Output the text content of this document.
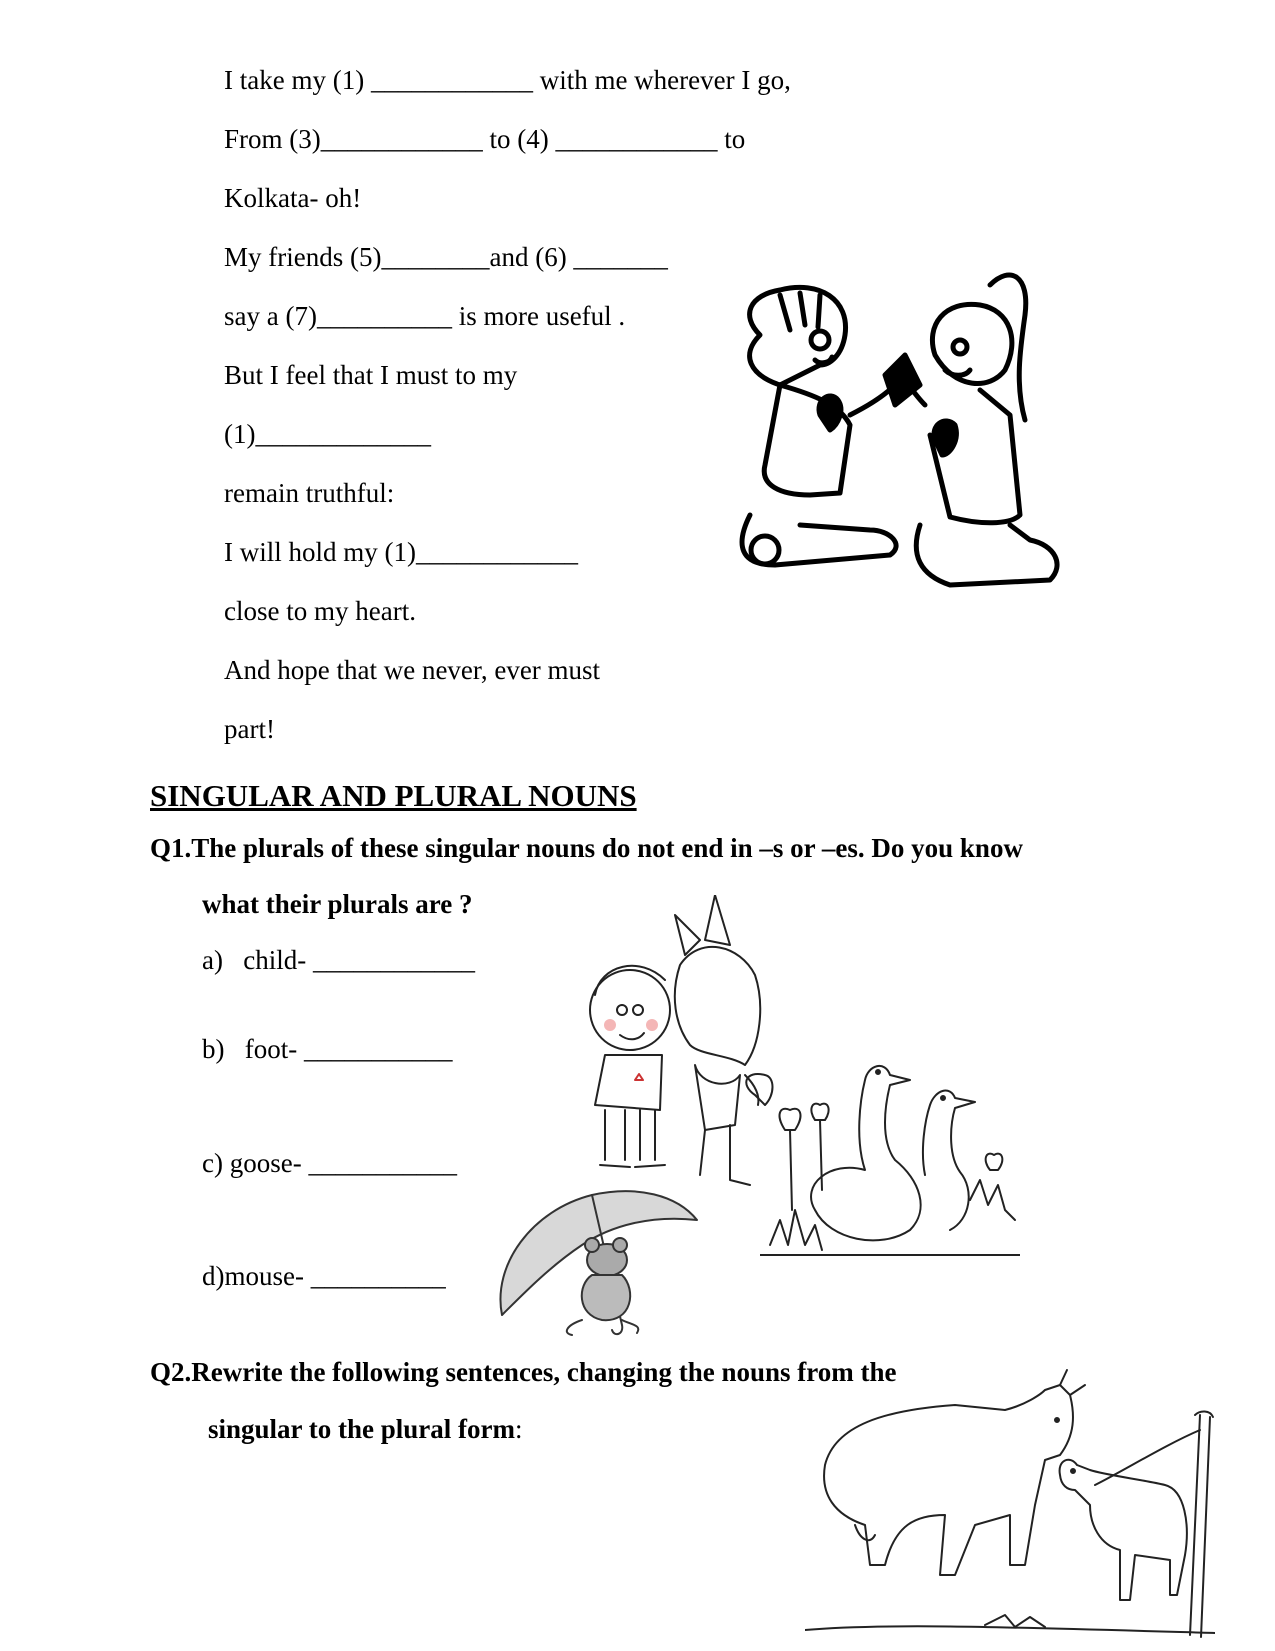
I take my (1) ____________ with me wherever I go,
From (3)____________ to (4) ____________ to
Kolkata- oh!
My friends (5)________and (6) _______
say a (7)__________ is more useful .
But I feel that I must to my
(1)_____________
remain truthful:
I will hold my (1)____________
close to my heart.
And hope that we never, ever must
part!
SINGULAR AND PLURAL NOUNS
Q1.The plurals of these singular nouns do not end in –s or –es. Do you know
what their plurals are ?
a)   child- ____________
b)   foot- ___________
c) goose- ___________
d)mouse- __________
Q2.Rewrite the following sentences, changing the nouns from the
singular to the plural form:
